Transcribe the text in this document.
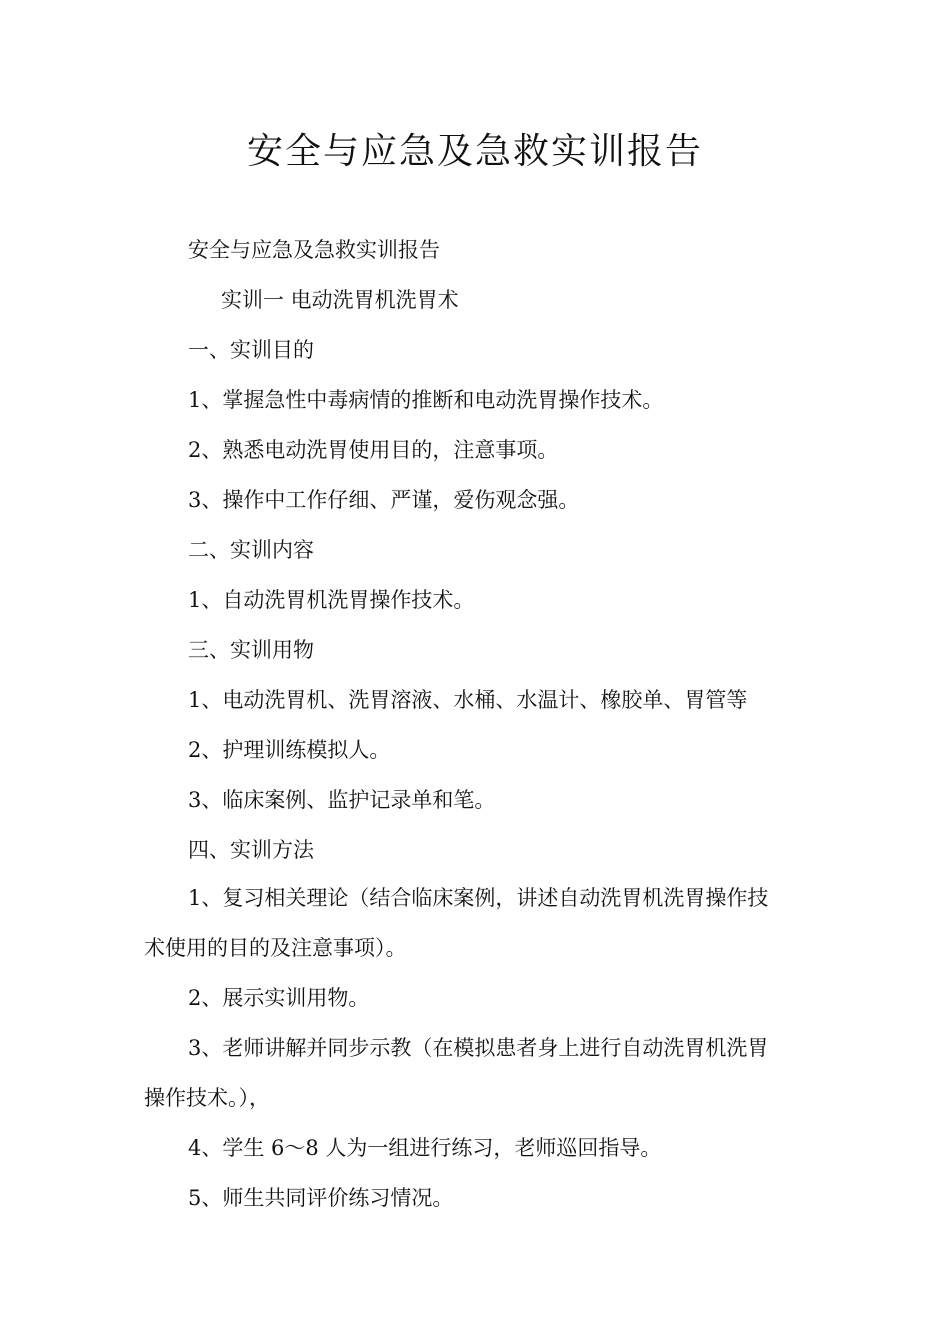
安全与应急及急救实训报告
安全与应急及急救实训报告
实训一 电动洗胃机洗胃术
一、实训目的
1、掌握急性中毒病情的推断和电动洗胃操作技术。
2、熟悉电动洗胃使用目的，注意事项。
3、操作中工作仔细、严谨，爱伤观念强。
二、实训内容
1、自动洗胃机洗胃操作技术。
三、实训用物
1、电动洗胃机、洗胃溶液、水桶、水温计、橡胶单、胃管等
2、护理训练模拟人。
3、临床案例、监护记录单和笔。
四、实训方法
1、复习相关理论（结合临床案例，讲述自动洗胃机洗胃操作技
术使用的目的及注意事项）。
2、展示实训用物。
3、老师讲解并同步示教（在模拟患者身上进行自动洗胃机洗胃
操作技术。），
4、学生 6～8 人为一组进行练习，老师巡回指导。
5、师生共同评价练习情况。
